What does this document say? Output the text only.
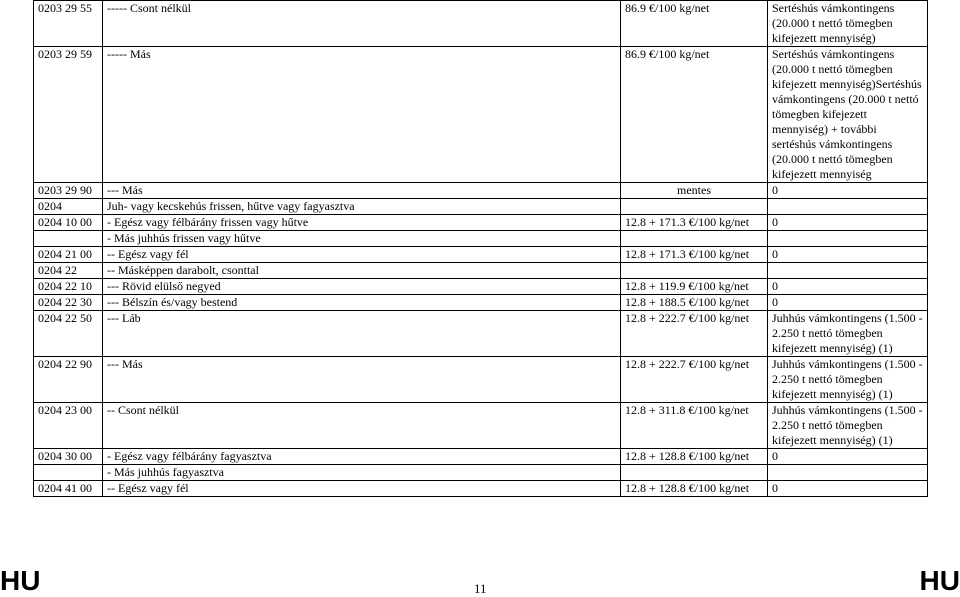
0203 29 55	----- Csont nélkül	86.9 €/100 kg/net	Sertéshús vámkontingens (20.000 t nettó tömegben kifejezett mennyiség)
0203 29 59	----- Más	86.9 €/100 kg/net	Sertéshús vámkontingens (20.000 t nettó tömegben kifejezett mennyiség)Sertéshús vámkontingens (20.000 t nettó tömegben kifejezett mennyiség) + további sertéshús vámkontingens (20.000 t nettó tömegben kifejezett mennyiség
0203 29 90	--- Más	mentes	0
0204	Juh- vagy kecskehús frissen, hűtve vagy fagyasztva		
0204 10 00	- Egész vagy félbárány frissen vagy hűtve	12.8 + 171.3 €/100 kg/net	0
	- Más juhhús frissen vagy hűtve		
0204 21 00	-- Egész vagy fél	12.8 + 171.3 €/100 kg/net	0
0204 22	-- Másképpen darabolt, csonttal		
0204 22 10	--- Rövid elülső negyed	12.8 + 119.9 €/100 kg/net	0
0204 22 30	--- Bélszín és/vagy bestend	12.8 + 188.5 €/100 kg/net	0
0204 22 50	--- Láb	12.8 + 222.7 €/100 kg/net	Juhhús vámkontingens (1.500 - 2.250 t nettó tömegben kifejezett mennyiség) (1)
0204 22 90	--- Más	12.8 + 222.7 €/100 kg/net	Juhhús vámkontingens (1.500 - 2.250 t nettó tömegben kifejezett mennyiség) (1)
0204 23 00	-- Csont nélkül	12.8 + 311.8 €/100 kg/net	Juhhús vámkontingens (1.500 - 2.250 t nettó tömegben kifejezett mennyiség) (1)
0204 30 00	- Egész vagy félbárány fagyasztva	12.8 + 128.8 €/100 kg/net	0
	- Más juhhús fagyasztva		
0204 41 00	-- Egész vagy fél	12.8 + 128.8 €/100 kg/net	0
HU	11	HU
